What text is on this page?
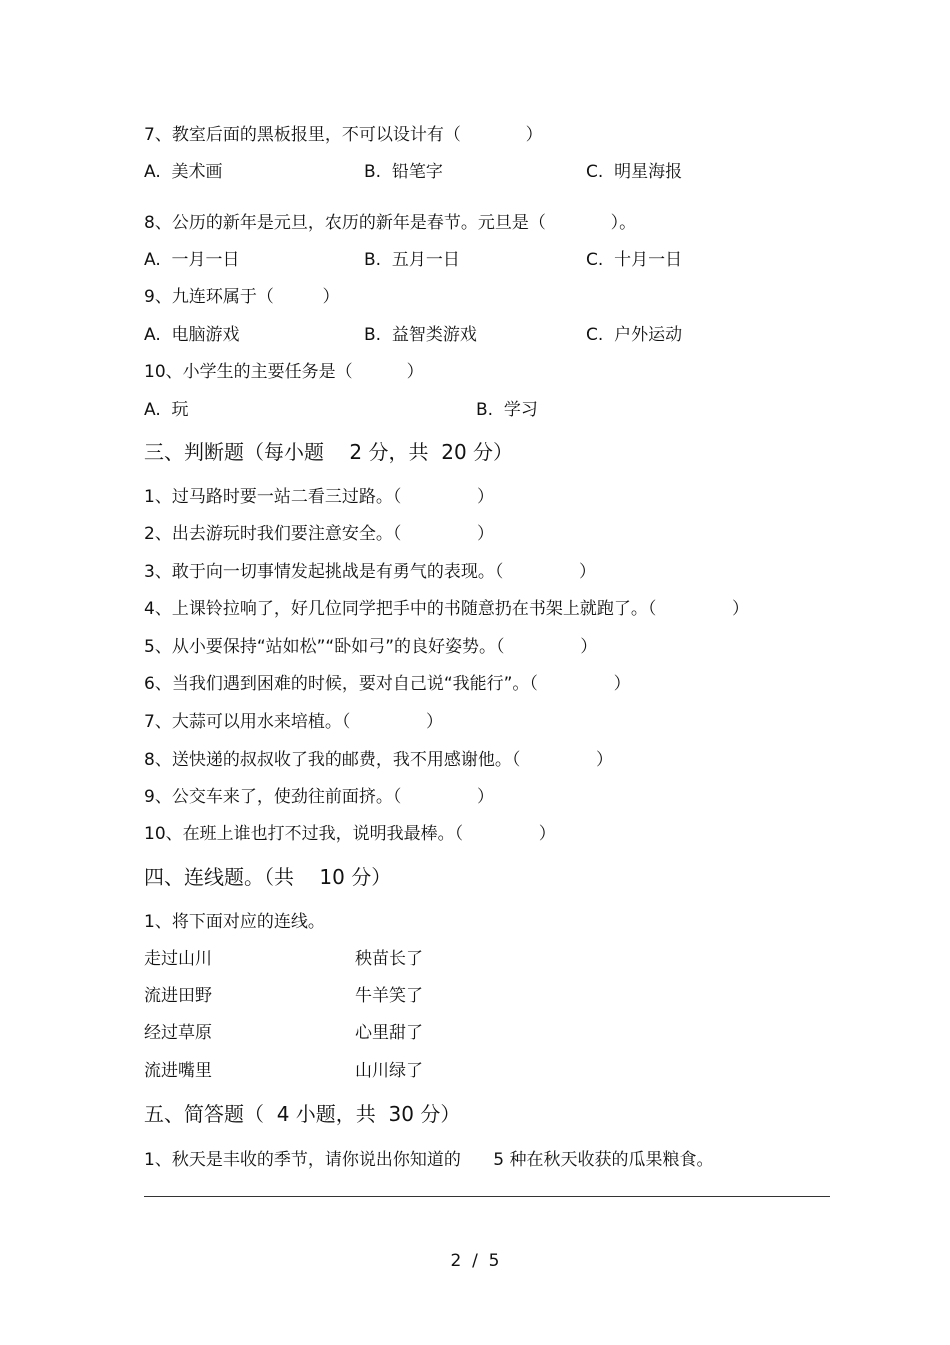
7、教室后面的黑板报里，不可以设计有（            ）
A.  美术画	B.  铅笔字	C.  明星海报
8、公历的新年是元旦，农历的新年是春节。元旦是（            ）。
A.  一月一日	B.  五月一日	C.  十月一日
9、九连环属于（         ）
A.  电脑游戏	B.  益智类游戏	C.  户外运动
10、小学生的主要任务是（          ）
A.  玩	B.  学习
三、判断题（每小题    2 分，共  20 分）
1、过马路时要一站二看三过路。（              ）
2、出去游玩时我们要注意安全。（              ）
3、敢于向一切事情发起挑战是有勇气的表现。（              ）
4、上课铃拉响了，好几位同学把手中的书随意扔在书架上就跑了。（              ）
5、从小要保持“站如松”“卧如弓”的良好姿势。（              ）
6、当我们遇到困难的时候，要对自己说“我能行”。（              ）
7、大蒜可以用水来培植。（              ）
8、送快递的叔叔收了我的邮费，我不用感谢他。（              ）
9、公交车来了，使劲往前面挤。（              ）
10、在班上谁也打不过我，说明我最棒。（              ）
四、连线题。（共    10 分）
1、将下面对应的连线。
走过山川	秧苗长了
流进田野	牛羊笑了
经过草原	心里甜了
流进嘴里	山川绿了
五、简答题（  4 小题，共  30 分）
1、秋天是丰收的季节，请你说出你知道的      5 种在秋天收获的瓜果粮食。
2  /  5
